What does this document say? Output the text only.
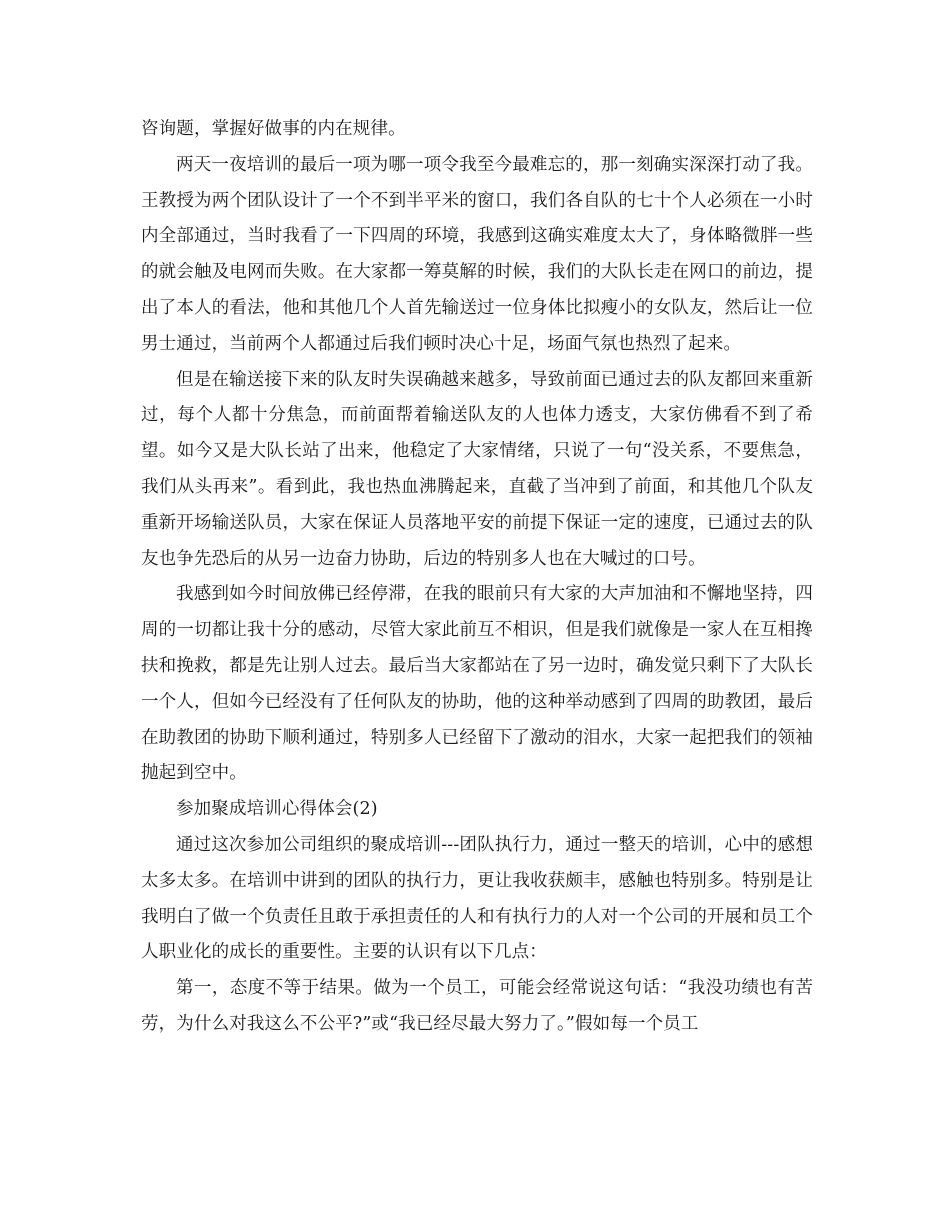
咨询题，掌握好做事的内在规律。

两天一夜培训的最后一项为哪一项令我至今最难忘的，那一刻确实深深打动了我。王教授为两个团队设计了一个不到半平米的窗口，我们各自队的七十个人必须在一小时内全部通过，当时我看了一下四周的环境，我感到这确实难度太大了，身体略微胖一些的就会触及电网而失败。在大家都一筹莫解的时候，我们的大队长走在网口的前边，提出了本人的看法，他和其他几个人首先输送过一位身体比拟瘦小的女队友，然后让一位男士通过，当前两个人都通过后我们顿时决心十足，场面气氛也热烈了起来。

但是在输送接下来的队友时失误确越来越多，导致前面已通过去的队友都回来重新过，每个人都十分焦急，而前面帮着输送队友的人也体力透支，大家仿佛看不到了希望。如今又是大队长站了出来，他稳定了大家情绪，只说了一句“没关系，不要焦急，我们从头再来”。看到此，我也热血沸腾起来，直截了当冲到了前面，和其他几个队友重新开场输送队员，大家在保证人员落地平安的前提下保证一定的速度，已通过去的队友也争先恐后的从另一边奋力协助，后边的特别多人也在大喊过的口号。

我感到如今时间放佛已经停滞，在我的眼前只有大家的大声加油和不懈地坚持，四周的一切都让我十分的感动，尽管大家此前互不相识，但是我们就像是一家人在互相搀扶和挽救，都是先让别人过去。最后当大家都站在了另一边时，确发觉只剩下了大队长一个人，但如今已经没有了任何队友的协助，他的这种举动感到了四周的助教团，最后在助教团的协助下顺利通过，特别多人已经留下了激动的泪水，大家一起把我们的领袖抛起到空中。

参加聚成培训心得体会(2)

通过这次参加公司组织的聚成培训---团队执行力，通过一整天的培训，心中的感想太多太多。在培训中讲到的团队的执行力，更让我收获颇丰，感触也特别多。特别是让我明白了做一个负责任且敢于承担责任的人和有执行力的人对一个公司的开展和员工个人职业化的成长的重要性。主要的认识有以下几点：

第一，态度不等于结果。做为一个员工，可能会经常说这句话：“我没功绩也有苦劳，为什么对我这么不公平?”或“我已经尽最大努力了。”假如每一个员工
